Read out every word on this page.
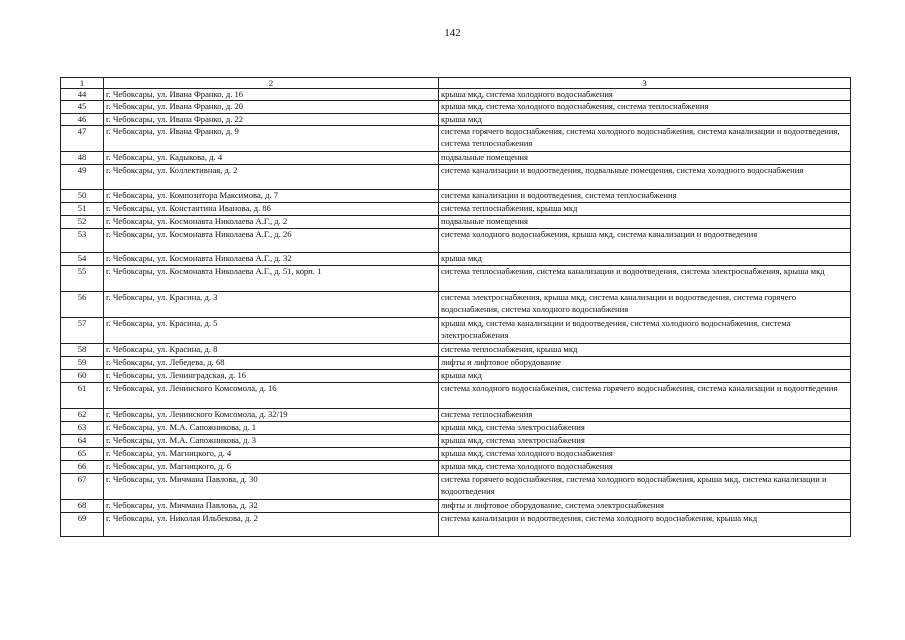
142
1	2	3
44	г. Чебоксары, ул. Ивана Франко, д. 16	крыша мкд, система холодного водоснабжения
45	г. Чебоксары, ул. Ивана Франко, д. 20	крыша мкд, система холодного водоснабжения, система теплоснабжения
46	г. Чебоксары, ул. Ивана Франко, д. 22	крыша мкд
47	г. Чебоксары, ул. Ивана Франко, д. 9	система горячего водоснабжения, система холодного водоснабжения, система канализации и водоотведения, система теплоснабжения
48	г. Чебоксары, ул. Кадыкова, д. 4	подвальные помещения
49	г. Чебоксары, ул. Коллективная, д. 2	система канализации и водоотведения, подвальные помещения, система холодного водоснабжения
50	г. Чебоксары, ул. Композитора Максимова, д. 7	система канализации и водоотведения, система теплоснабжения
51	г. Чебоксары, ул. Константина Иванова, д. 86	система теплоснабжения, крыша мкд
52	г. Чебоксары, ул. Космонавта Николаева А.Г., д. 2	подвальные помещения
53	г. Чебоксары, ул. Космонавта Николаева А.Г., д. 26	система холодного водоснабжения, крыша мкд, система канализации и водоотведения
54	г. Чебоксары, ул. Космонавта Николаева А.Г., д. 32	крыша мкд
55	г. Чебоксары, ул. Космонавта Николаева А.Г., д. 51, корп. 1	система теплоснабжения, система канализации и водоотведения, система электроснабжения, крыша мкд
56	г. Чебоксары, ул. Красина, д. 3	система электроснабжения, крыша мкд, система канализации и водоотведения, система горячего водоснабжения, система холодного водоснабжения
57	г. Чебоксары, ул. Красина, д. 5	крыша мкд, система канализации и водоотведения, система холодного водоснабжения, система электроснабжения
58	г. Чебоксары, ул. Красина, д. 8	система теплоснабжения, крыша мкд
59	г. Чебоксары, ул. Лебедева, д. 68	лифты и лифтовое оборудование
60	г. Чебоксары, ул. Ленинградская, д. 16	крыша мкд
61	г. Чебоксары, ул. Ленинского Комсомола, д. 16	система холодного водоснабжения, система горячего водоснабжения, система канализации и водоотведения
62	г. Чебоксары, ул. Ленинского Комсомола, д. 32/19	система теплоснабжения
63	г. Чебоксары, ул. М.А. Сапожникова, д. 1	крыша мкд, система электроснабжения
64	г. Чебоксары, ул. М.А. Сапожникова, д. 3	крыша мкд, система электроснабжения
65	г. Чебоксары, ул. Магницкого, д. 4	крыша мкд, система холодного водоснабжения
66	г. Чебоксары, ул. Магницкого, д. 6	крыша мкд, система холодного водоснабжения
67	г. Чебоксары, ул. Мичмана Павлова, д. 30	система горячего водоснабжения, система холодного водоснабжения, крыша мкд, система канализации и водоотведения
68	г. Чебоксары, ул. Мичмана Павлова, д. 32	лифты и лифтовое оборудование, система электроснабжения
69	г. Чебоксары, ул. Николая Ильбекова, д. 2	система канализации и водоотведения, система холодного водоснабжения, крыша мкд
